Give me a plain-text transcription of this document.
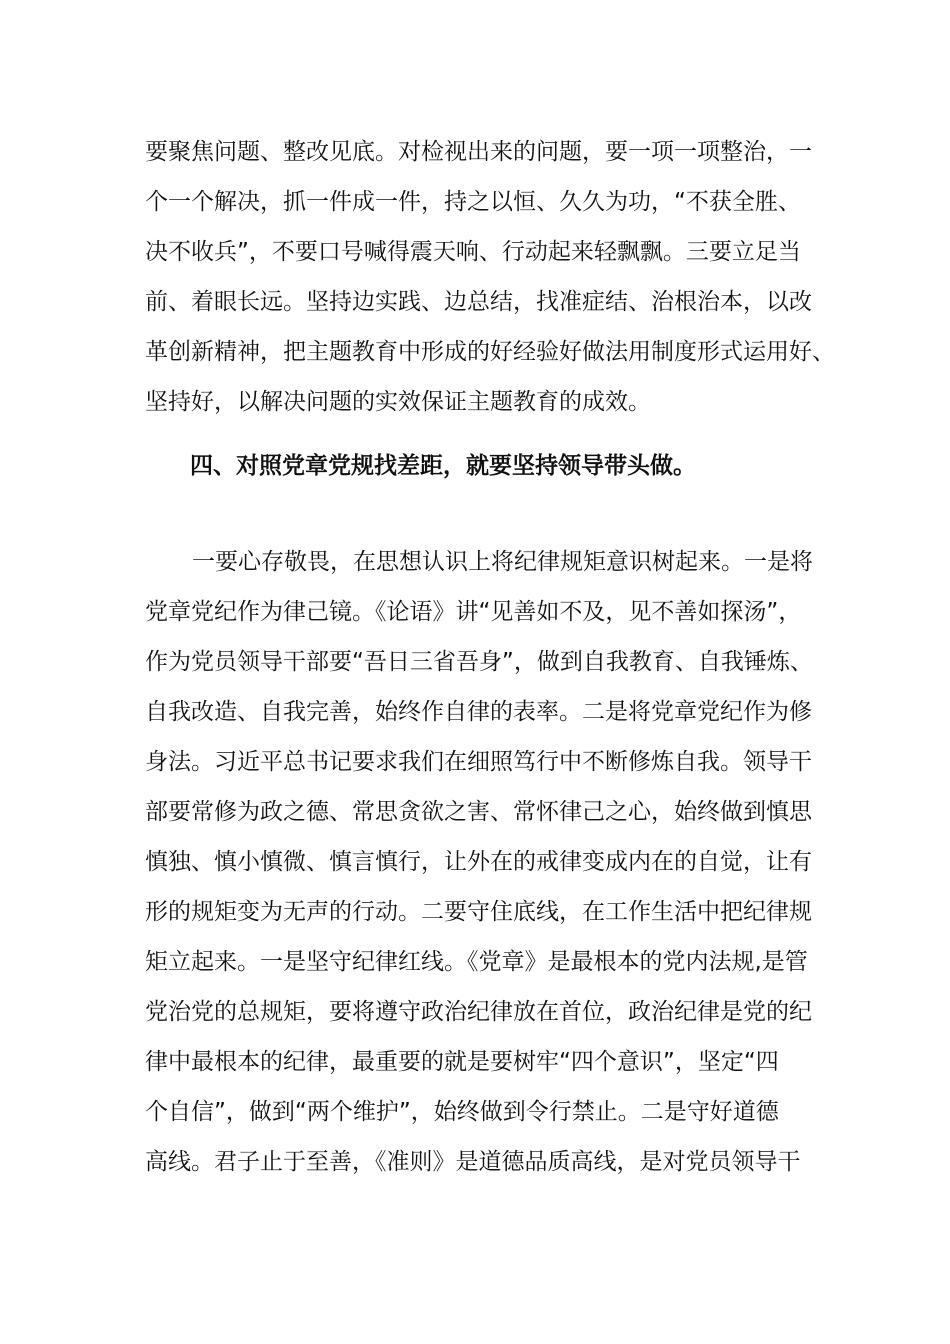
要聚焦问题、整改见底。对检视出来的问题，要一项一项整治，一
个一个解决，抓一件成一件，持之以恒、久久为功，“不获全胜、
决不收兵”，不要口号喊得震天响、行动起来轻飘飘。三要立足当
前、着眼长远。坚持边实践、边总结，找准症结、治根治本，以改
革创新精神，把主题教育中形成的好经验好做法用制度形式运用好、
坚持好，以解决问题的实效保证主题教育的成效。
四、对照党章党规找差距，就要坚持领导带头做。
一要心存敬畏，在思想认识上将纪律规矩意识树起来。一是将
党章党纪作为律己镜。《论语》讲“见善如不及，见不善如探汤”，
作为党员领导干部要“吾日三省吾身”，做到自我教育、自我锤炼、
自我改造、自我完善，始终作自律的表率。二是将党章党纪作为修
身法。习近平总书记要求我们在细照笃行中不断修炼自我。领导干
部要常修为政之德、常思贪欲之害、常怀律己之心，始终做到慎思
慎独、慎小慎微、慎言慎行，让外在的戒律变成内在的自觉，让有
形的规矩变为无声的行动。二要守住底线，在工作生活中把纪律规
矩立起来。一是坚守纪律红线。《党章》是最根本的党内法规,是管
党治党的总规矩，要将遵守政治纪律放在首位，政治纪律是党的纪
律中最根本的纪律，最重要的就是要树牢“四个意识”，坚定“四
个自信”，做到“两个维护”，始终做到令行禁止。二是守好道德
高线。君子止于至善，《准则》是道德品质高线，是对党员领导干
